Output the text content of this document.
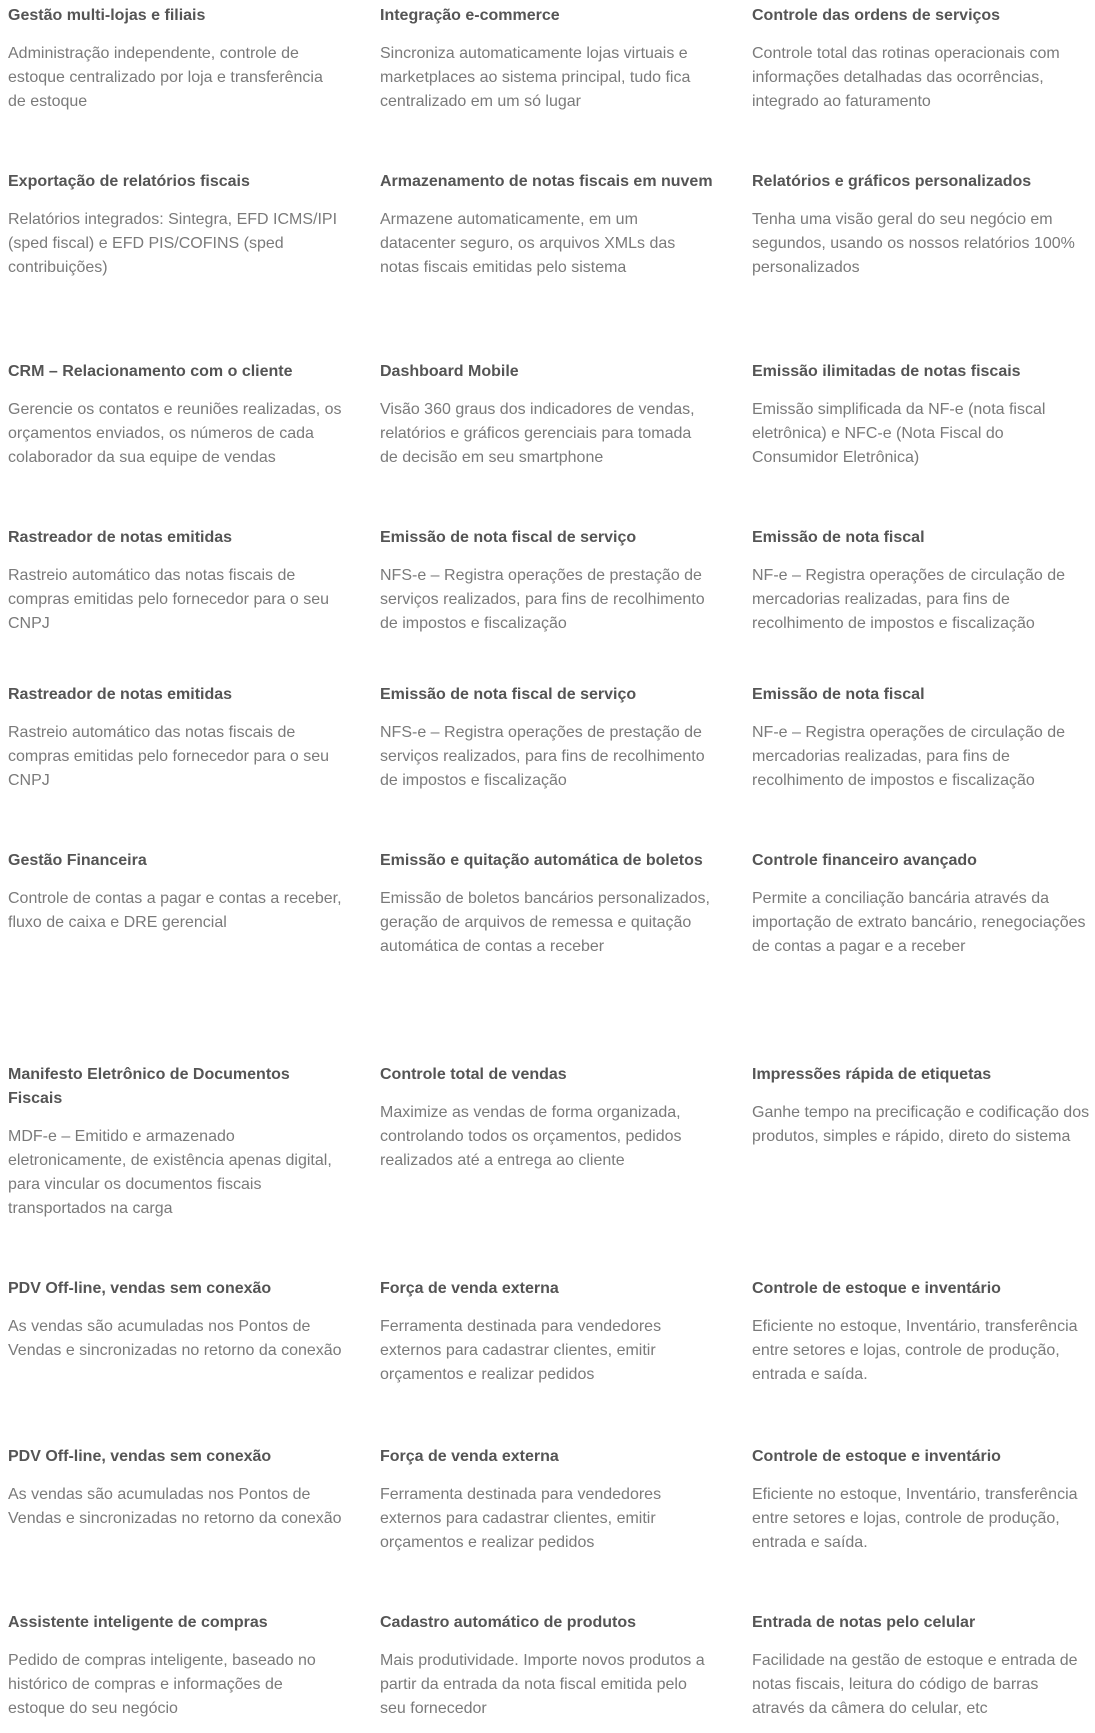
Gestão multi-lojas e filiais

Administração independente, controle de estoque centralizado por loja e transferência de estoque

Integração e-commerce

Sincroniza automaticamente lojas virtuais e marketplaces ao sistema principal, tudo fica centralizado em um só lugar

Controle das ordens de serviços

Controle total das rotinas operacionais com informações detalhadas das ocorrências, integrado ao faturamento

Exportação de relatórios fiscais

Relatórios integrados: Sintegra, EFD ICMS/IPI (sped fiscal) e EFD PIS/COFINS (sped contribuições)

Armazenamento de notas fiscais em nuvem

Armazene automaticamente, em um datacenter seguro, os arquivos XMLs das notas fiscais emitidas pelo sistema

Relatórios e gráficos personalizados

Tenha uma visão geral do seu negócio em segundos, usando os nossos relatórios 100% personalizados

CRM – Relacionamento com o cliente

Gerencie os contatos e reuniões realizadas, os orçamentos enviados, os números de cada colaborador da sua equipe de vendas

Dashboard Mobile

Visão 360 graus dos indicadores de vendas, relatórios e gráficos gerenciais para tomada de decisão em seu smartphone

Emissão ilimitadas de notas fiscais

Emissão simplificada da NF-e (nota fiscal eletrônica) e NFC-e (Nota Fiscal do Consumidor Eletrônica)

Rastreador de notas emitidas

Rastreio automático das notas fiscais de compras emitidas pelo fornecedor para o seu CNPJ

Emissão de nota fiscal de serviço

NFS-e – Registra operações de prestação de serviços realizados, para fins de recolhimento de impostos e fiscalização

Emissão de nota fiscal

NF-e – Registra operações de circulação de mercadorias realizadas, para fins de recolhimento de impostos e fiscalização

Rastreador de notas emitidas

Rastreio automático das notas fiscais de compras emitidas pelo fornecedor para o seu CNPJ

Emissão de nota fiscal de serviço

NFS-e – Registra operações de prestação de serviços realizados, para fins de recolhimento de impostos e fiscalização

Emissão de nota fiscal

NF-e – Registra operações de circulação de mercadorias realizadas, para fins de recolhimento de impostos e fiscalização

Gestão Financeira

Controle de contas a pagar e contas a receber, fluxo de caixa e DRE gerencial

Emissão e quitação automática de boletos

Emissão de boletos bancários personalizados, geração de arquivos de remessa e quitação automática de contas a receber

Controle financeiro avançado

Permite a conciliação bancária através da importação de extrato bancário, renegociações de contas a pagar e a receber

Manifesto Eletrônico de Documentos Fiscais

MDF-e – Emitido e armazenado eletronicamente, de existência apenas digital, para vincular os documentos fiscais transportados na carga

Controle total de vendas

Maximize as vendas de forma organizada, controlando todos os orçamentos, pedidos realizados até a entrega ao cliente

Impressões rápida de etiquetas

Ganhe tempo na precificação e codificação dos produtos, simples e rápido, direto do sistema

PDV Off-line, vendas sem conexão

As vendas são acumuladas nos Pontos de Vendas e sincronizadas no retorno da conexão

Força de venda externa

Ferramenta destinada para vendedores externos para cadastrar clientes, emitir orçamentos e realizar pedidos

Controle de estoque e inventário

Eficiente no estoque, Inventário, transferência entre setores e lojas, controle de produção, entrada e saída.

PDV Off-line, vendas sem conexão

As vendas são acumuladas nos Pontos de Vendas e sincronizadas no retorno da conexão

Força de venda externa

Ferramenta destinada para vendedores externos para cadastrar clientes, emitir orçamentos e realizar pedidos

Controle de estoque e inventário

Eficiente no estoque, Inventário, transferência entre setores e lojas, controle de produção, entrada e saída.

Assistente inteligente de compras

Pedido de compras inteligente, baseado no histórico de compras e informações de estoque do seu negócio

Cadastro automático de produtos

Mais produtividade. Importe novos produtos a partir da entrada da nota fiscal emitida pelo seu fornecedor

Entrada de notas pelo celular

Facilidade na gestão de estoque e entrada de notas fiscais, leitura do código de barras através da câmera do celular, etc
